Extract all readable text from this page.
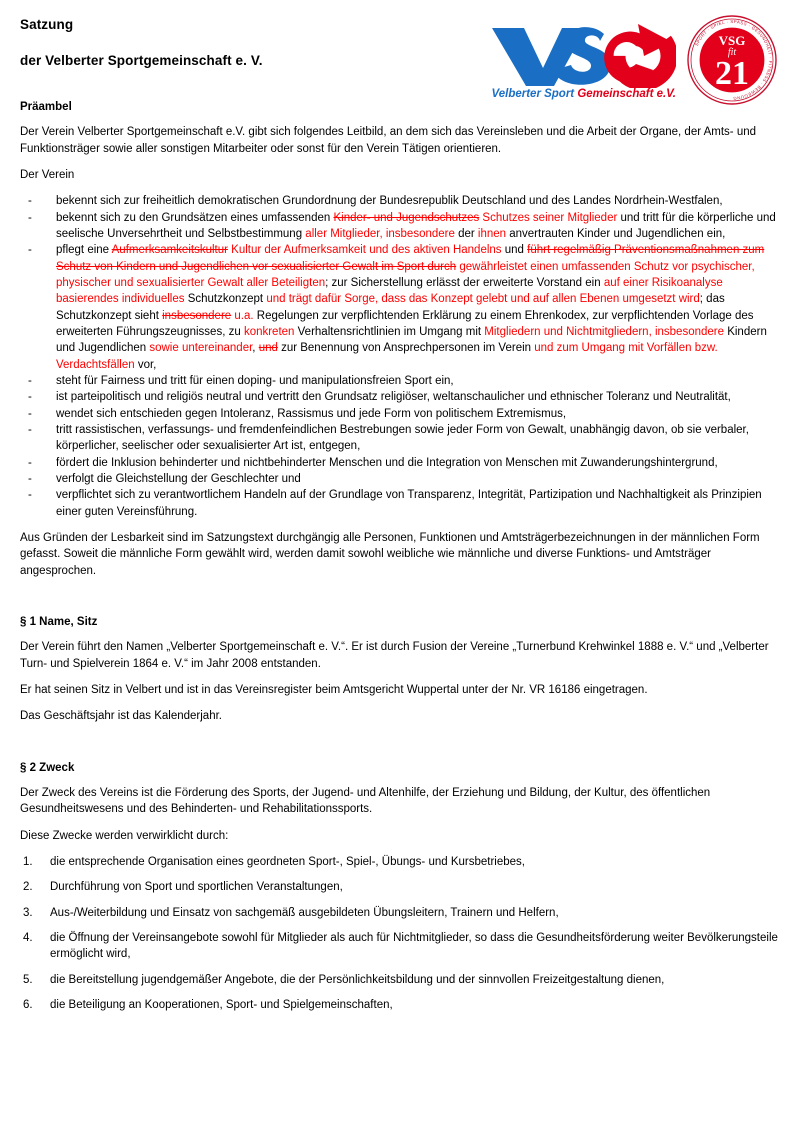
Satzung
der Velberter Sportgemeinschaft e. V.
Velberter Sport Gemeinschaft e.V.
SPORT · SPIEL · SPASS · GESUNDHEIT · FITNESS · BEWEGUNG
VSG
fit
21
Präambel

Der Verein Velberter Sportgemeinschaft e.V. gibt sich folgendes Leitbild, an dem sich das Vereinsleben und die Arbeit der Organe, der Amts- und Funktionsträger sowie aller sonstigen Mitarbeiter oder sonst für den Verein Tätigen orientieren.

Der Verein

- bekennt sich zur freiheitlich demokratischen Grundordnung der Bundesrepublik Deutschland und des Landes Nordrhein-Westfalen,
- bekennt sich zu den Grundsätzen eines umfassenden Kinder- und Jugendschutzes Schutzes seiner Mitglieder und tritt für die körperliche und seelische Unversehrtheit und Selbstbestimmung aller Mitglieder, insbesondere der ihnen anvertrauten Kinder und Jugendlichen ein,
- pflegt eine Aufmerksamkeitskultur Kultur der Aufmerksamkeit und des aktiven Handelns und führt regelmäßig Präventionsmaßnahmen zum Schutz von Kindern und Jugendlichen vor sexualisierter Gewalt im Sport durch gewährleistet einen umfassenden Schutz vor psychischer, physischer und sexualisierter Gewalt aller Beteiligten; zur Sicherstellung erlässt der erweiterte Vorstand ein auf einer Risikoanalyse basierendes individuelles Schutzkonzept und trägt dafür Sorge, dass das Konzept gelebt und auf allen Ebenen umgesetzt wird; das Schutzkonzept sieht insbesondere u.a. Regelungen zur verpflichtenden Erklärung zu einem Ehrenkodex, zur verpflichtenden Vorlage des erweiterten Führungszeugnisses, zu konkreten Verhaltensrichtlinien im Umgang mit Mitgliedern und Nichtmitgliedern, insbesondere Kindern und Jugendlichen sowie untereinander, und zur Benennung von Ansprechpersonen im Verein und zum Umgang mit Vorfällen bzw. Verdachtsfällen vor,
- steht für Fairness und tritt für einen doping- und manipulationsfreien Sport ein,
- ist parteipolitisch und religiös neutral und vertritt den Grundsatz religiöser, weltanschaulicher und ethnischer Toleranz und Neutralität,
- wendet sich entschieden gegen Intoleranz, Rassismus und jede Form von politischem Extremismus,
- tritt rassistischen, verfassungs- und fremdenfeindlichen Bestrebungen sowie jeder Form von Gewalt, unabhängig davon, ob sie verbaler, körperlicher, seelischer oder sexualisierter Art ist, entgegen,
- fördert die Inklusion behinderter und nichtbehinderter Menschen und die Integration von Menschen mit Zuwanderungshintergrund,
- verfolgt die Gleichstellung der Geschlechter und
- verpflichtet sich zu verantwortlichem Handeln auf der Grundlage von Transparenz, Integrität, Partizipation und Nachhaltigkeit als Prinzipien einer guten Vereinsführung.

Aus Gründen der Lesbarkeit sind im Satzungstext durchgängig alle Personen, Funktionen und Amtsträgerbezeichnungen in der männlichen Form gefasst. Soweit die männliche Form gewählt wird, werden damit sowohl weibliche wie männliche und diverse Funktions- und Amtsträger angesprochen.

§ 1 Name, Sitz

Der Verein führt den Namen „Velberter Sportgemeinschaft e. V.“. Er ist durch Fusion der Vereine „Turnerbund Krehwinkel 1888 e. V.“ und „Velberter Turn- und Spielverein 1864 e. V.“ im Jahr 2008 entstanden.

Er hat seinen Sitz in Velbert und ist in das Vereinsregister beim Amtsgericht Wuppertal unter der Nr. VR 16186 eingetragen.

Das Geschäftsjahr ist das Kalenderjahr.

§ 2 Zweck

Der Zweck des Vereins ist die Förderung des Sports, der Jugend- und Altenhilfe, der Erziehung und Bildung, der Kultur, des öffentlichen Gesundheitswesens und des Behinderten- und Rehabilitationssports.

Diese Zwecke werden verwirklicht durch:

1. die entsprechende Organisation eines geordneten Sport-, Spiel-, Übungs- und Kursbetriebes,
2. Durchführung von Sport und sportlichen Veranstaltungen,
3. Aus-/Weiterbildung und Einsatz von sachgemäß ausgebildeten Übungsleitern, Trainern und Helfern,
4. die Öffnung der Vereinsangebote sowohl für Mitglieder als auch für Nichtmitglieder, so dass die Gesundheitsförderung weiter Bevölkerungsteile ermöglicht wird,
5. die Bereitstellung jugendgemäßer Angebote, die der Persönlichkeitsbildung und der sinnvollen Freizeitgestaltung dienen,
6. die Beteiligung an Kooperationen, Sport- und Spielgemeinschaften,
